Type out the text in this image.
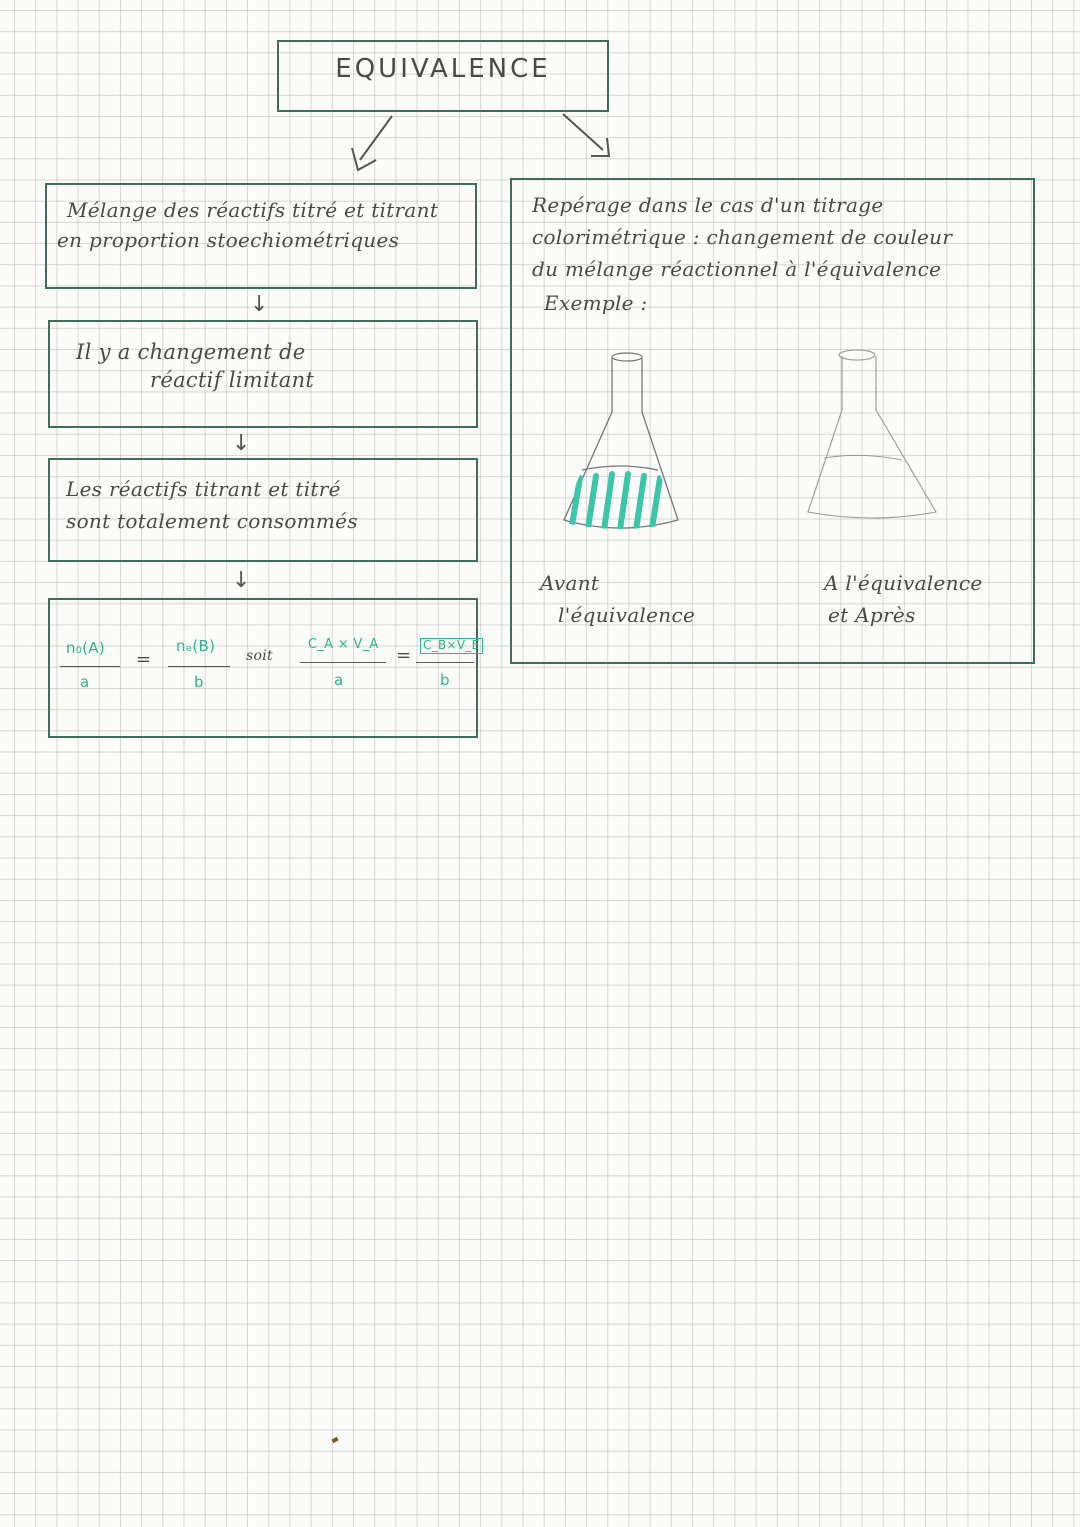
EQUIVALENCE
Mélange des réactifs titré et titrant
en proportion stoechiométriques
↓
Il y a changement de
réactif limitant
↓
Les réactifs titrant et titré
sont totalement consommés
↓
n₀(A)
a
=
nₑ(B)
b
soit
C_A × V_A
a
= C_B×V_E
b
Repérage dans le cas d'un titrage
colorimétrique : changement de couleur
du mélange réactionnel à l'équivalence
Exemple :
Avant
l'équivalence
A l'équivalence
et Après
